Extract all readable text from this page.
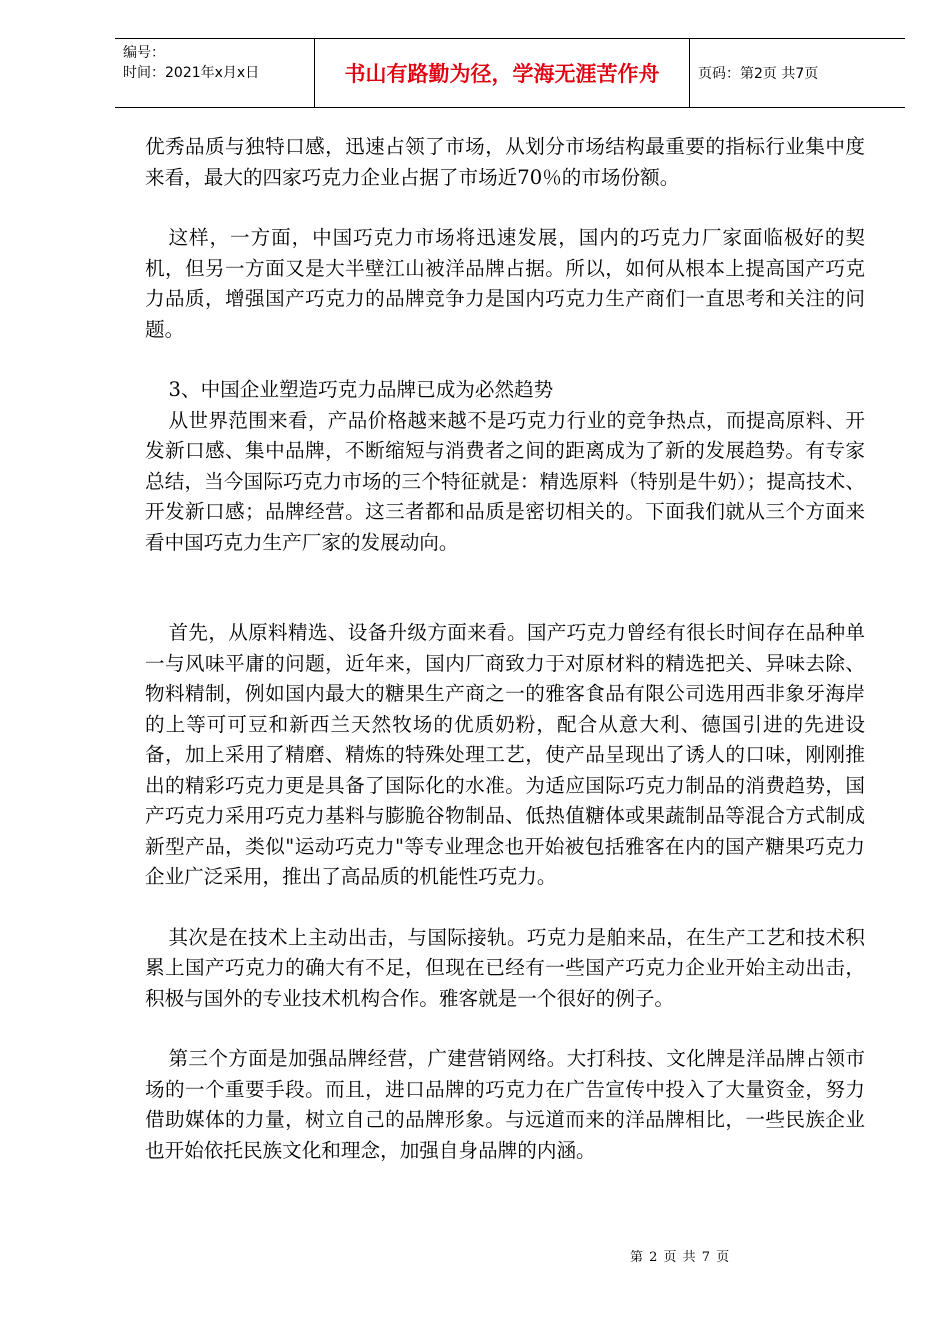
编号：
时间：2021年x月x日	书山有路勤为径，学海无涯苦作舟	页码：第2页 共7页

优秀品质与独特口感，迅速占领了市场，从划分市场结构最重要的指标行业集中度来看，最大的四家巧克力企业占据了市场近70％的市场份额。

这样，一方面，中国巧克力市场将迅速发展，国内的巧克力厂家面临极好的契机，但另一方面又是大半壁江山被洋品牌占据。所以，如何从根本上提高国产巧克力品质，增强国产巧克力的品牌竞争力是国内巧克力生产商们一直思考和关注的问题。

3、中国企业塑造巧克力品牌已成为必然趋势

从世界范围来看，产品价格越来越不是巧克力行业的竞争热点，而提高原料、开发新口感、集中品牌，不断缩短与消费者之间的距离成为了新的发展趋势。有专家总结，当今国际巧克力市场的三个特征就是：精选原料（特别是牛奶）；提高技术、开发新口感；品牌经营。这三者都和品质是密切相关的。下面我们就从三个方面来看中国巧克力生产厂家的发展动向。

首先，从原料精选、设备升级方面来看。国产巧克力曾经有很长时间存在品种单一与风味平庸的问题，近年来，国内厂商致力于对原材料的精选把关、异味去除、物料精制，例如国内最大的糖果生产商之一的雅客食品有限公司选用西非象牙海岸的上等可可豆和新西兰天然牧场的优质奶粉，配合从意大利、德国引进的先进设备，加上采用了精磨、精炼的特殊处理工艺，使产品呈现出了诱人的口味，刚刚推出的精彩巧克力更是具备了国际化的水准。为适应国际巧克力制品的消费趋势，国产巧克力采用巧克力基料与膨脆谷物制品、低热值糖体或果蔬制品等混合方式制成新型产品，类似"运动巧克力"等专业理念也开始被包括雅客在内的国产糖果巧克力企业广泛采用，推出了高品质的机能性巧克力。

其次是在技术上主动出击，与国际接轨。巧克力是舶来品，在生产工艺和技术积累上国产巧克力的确大有不足，但现在已经有一些国产巧克力企业开始主动出击，积极与国外的专业技术机构合作。雅客就是一个很好的例子。

第三个方面是加强品牌经营，广建营销网络。大打科技、文化牌是洋品牌占领市场的一个重要手段。而且，进口品牌的巧克力在广告宣传中投入了大量资金，努力借助媒体的力量，树立自己的品牌形象。与远道而来的洋品牌相比，一些民族企业也开始依托民族文化和理念，加强自身品牌的内涵。

第 2 页 共 7 页
